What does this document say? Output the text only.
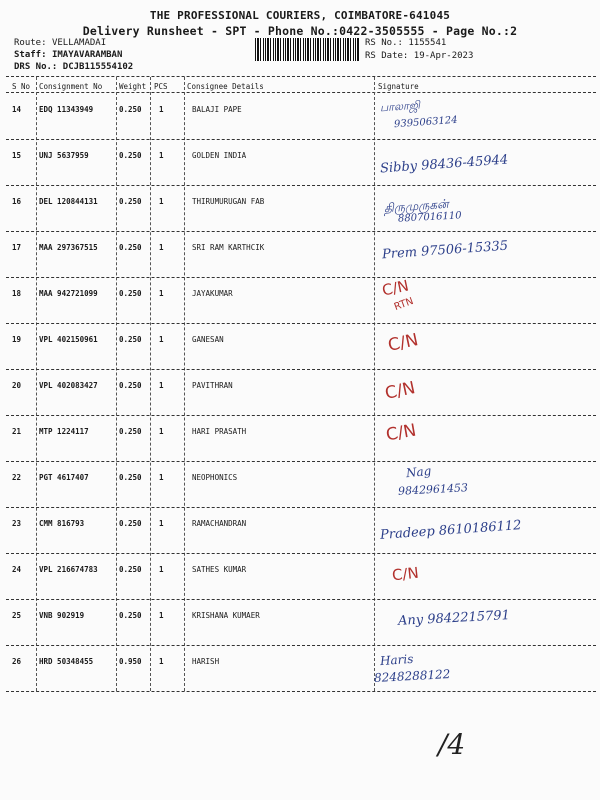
THE PROFESSIONAL COURIERS, COIMBATORE-641045
Delivery Runsheet - SPT - Phone No.:0422-3505555 - Page No.:2
Route: VELLAMADAI
Staff: IMAYAVARAMBAN
DRS No.: DCJB115554102
RS No.: 1155541
RS Date: 19-Apr-2023
S No Consignment No Weight PCS	Consignee Details	Signature
14 EDQ 11343949	0.250 1	BALAJI PAPE	பாலாஜி
9395063124
15 UNJ 5637959	0.250 1	GOLDEN INDIA	Sibby 98436-45944
16 DEL 120844131	0.250 1	THIRUMURUGAN FAB	திருமுருகன்
8807016110
17 MAA 297367515	0.250 1	SRI RAM KARTHCIK	Prem 97506-15335
18 MAA 942721099	0.250 1	JAYAKUMAR	C/N
RTN
19 VPL 402150961	0.250 1	GANESAN	C/N
20 VPL 402083427	0.250 1	PAVITHRAN	C/N
21 MTP 1224117	0.250 1	HARI PRASATH	C/N
22 PGT 4617407	0.250 1	NEOPHONICS	Nag
9842961453
23 CMM 816793	0.250 1	RAMACHANDRAN	Pradeep 8610186112
24 VPL 216674783	0.250 1	SATHES KUMAR	C/N
25 VNB 902919	0.250 1	KRISHANA KUMAER	Any 9842215791
26 HRD 50348455	0.950 1	HARISH	Haris
8248288122
/4
